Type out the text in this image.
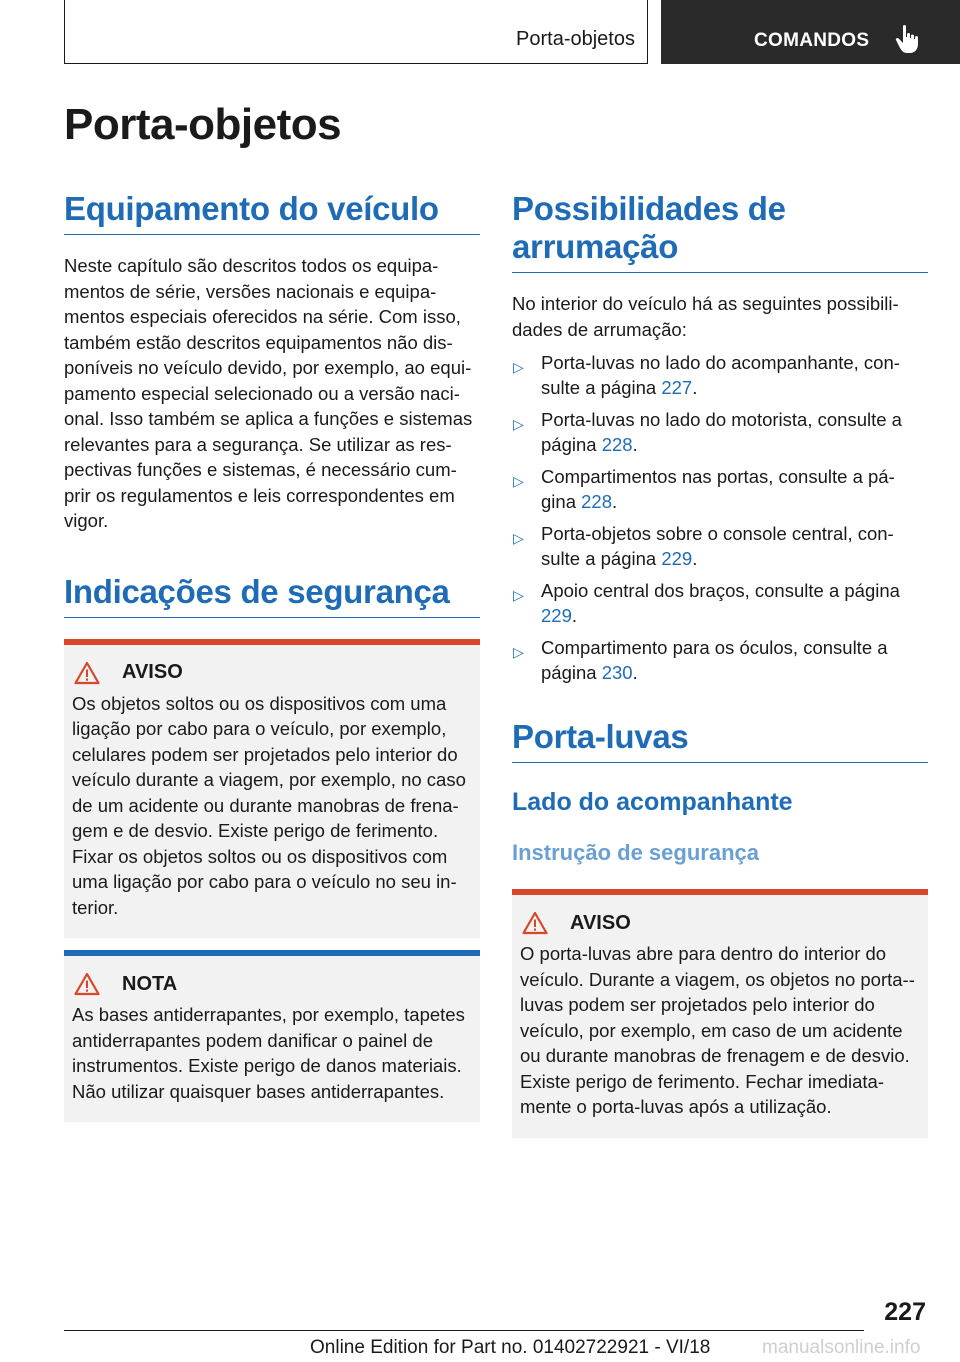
Porta-objetos	COMANDOS
Porta-objetos
Equipamento do veículo

Neste capítulo são descritos todos os equipa-mentos de série, versões nacionais e equipa-mentos especiais oferecidos na série. Com isso, também estão descritos equipamentos não dis-poníveis no veículo devido, por exemplo, ao equi-pamento especial selecionado ou a versão naci-onal. Isso também se aplica a funções e sistemas relevantes para a segurança. Se utilizar as res-pectivas funções e sistemas, é necessário cum-prir os regulamentos e leis correspondentes em vigor.

Indicações de segurança
AVISO

Os objetos soltos ou os dispositivos com uma ligação por cabo para o veículo, por exemplo, celulares podem ser projetados pelo interior do veículo durante a viagem, por exemplo, no caso de um acidente ou durante manobras de frena-gem e de desvio. Existe perigo de ferimento. Fixar os objetos soltos ou os dispositivos com uma ligação por cabo para o veículo no seu in-terior.

NOTA

As bases antiderrapantes, por exemplo, tapetes antiderrapantes podem danificar o painel de instrumentos. Existe perigo de danos materiais. Não utilizar quaisquer bases antiderrapantes.

Possibilidades de arrumação

No interior do veículo há as seguintes possibili-dades de arrumação:

▷ Porta-luvas no lado do acompanhante, con-sulte a página 227.
▷ Porta-luvas no lado do motorista, consulte a página 228.
▷ Compartimentos nas portas, consulte a pá-gina 228.
▷ Porta-objetos sobre o console central, con-sulte a página 229.
▷ Apoio central dos braços, consulte a página 229.
▷ Compartimento para os óculos, consulte a página 230.
Porta-luvas
Lado do acompanhante
Instrução de segurança
AVISO

O porta-luvas abre para dentro do interior do veículo. Durante a viagem, os objetos no porta--luvas podem ser projetados pelo interior do veículo, por exemplo, em caso de um acidente ou durante manobras de frenagem e de desvio. Existe perigo de ferimento. Fechar imediata-mente o porta-luvas após a utilização.

227
Online Edition for Part no. 01402722921 - VI/18	manualsonline.info
